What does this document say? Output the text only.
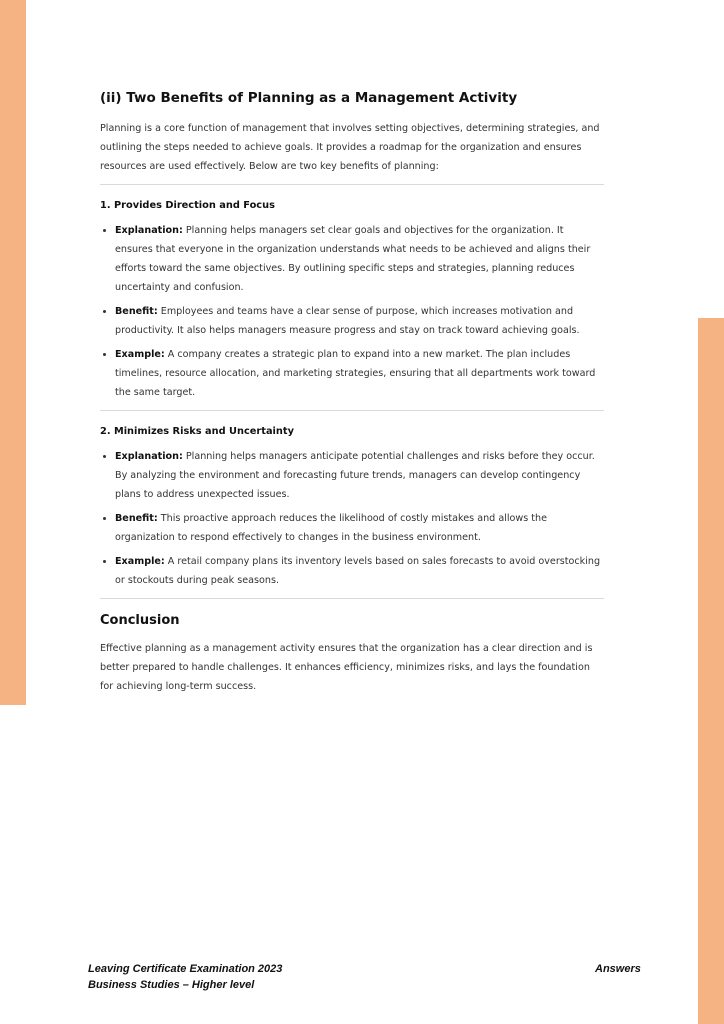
(ii) Two Benefits of Planning as a Management Activity

Planning is a core function of management that involves setting objectives, determining strategies, and outlining the steps needed to achieve goals. It provides a roadmap for the organization and ensures resources are used effectively. Below are two key benefits of planning:

1. Provides Direction and Focus
• Explanation: Planning helps managers set clear goals and objectives for the organization. It ensures that everyone in the organization understands what needs to be achieved and aligns their efforts toward the same objectives. By outlining specific steps and strategies, planning reduces uncertainty and confusion.
• Benefit: Employees and teams have a clear sense of purpose, which increases motivation and productivity. It also helps managers measure progress and stay on track toward achieving goals.
• Example: A company creates a strategic plan to expand into a new market. The plan includes timelines, resource allocation, and marketing strategies, ensuring that all departments work toward the same target.
2. Minimizes Risks and Uncertainty
• Explanation: Planning helps managers anticipate potential challenges and risks before they occur. By analyzing the environment and forecasting future trends, managers can develop contingency plans to address unexpected issues.
• Benefit: This proactive approach reduces the likelihood of costly mistakes and allows the organization to respond effectively to changes in the business environment.
• Example: A retail company plans its inventory levels based on sales forecasts to avoid overstocking or stockouts during peak seasons.
Conclusion

Effective planning as a management activity ensures that the organization has a clear direction and is better prepared to handle challenges. It enhances efficiency, minimizes risks, and lays the foundation for achieving long-term success.

Leaving Certificate Examination 2023
Business Studies – Higher level
Answers
